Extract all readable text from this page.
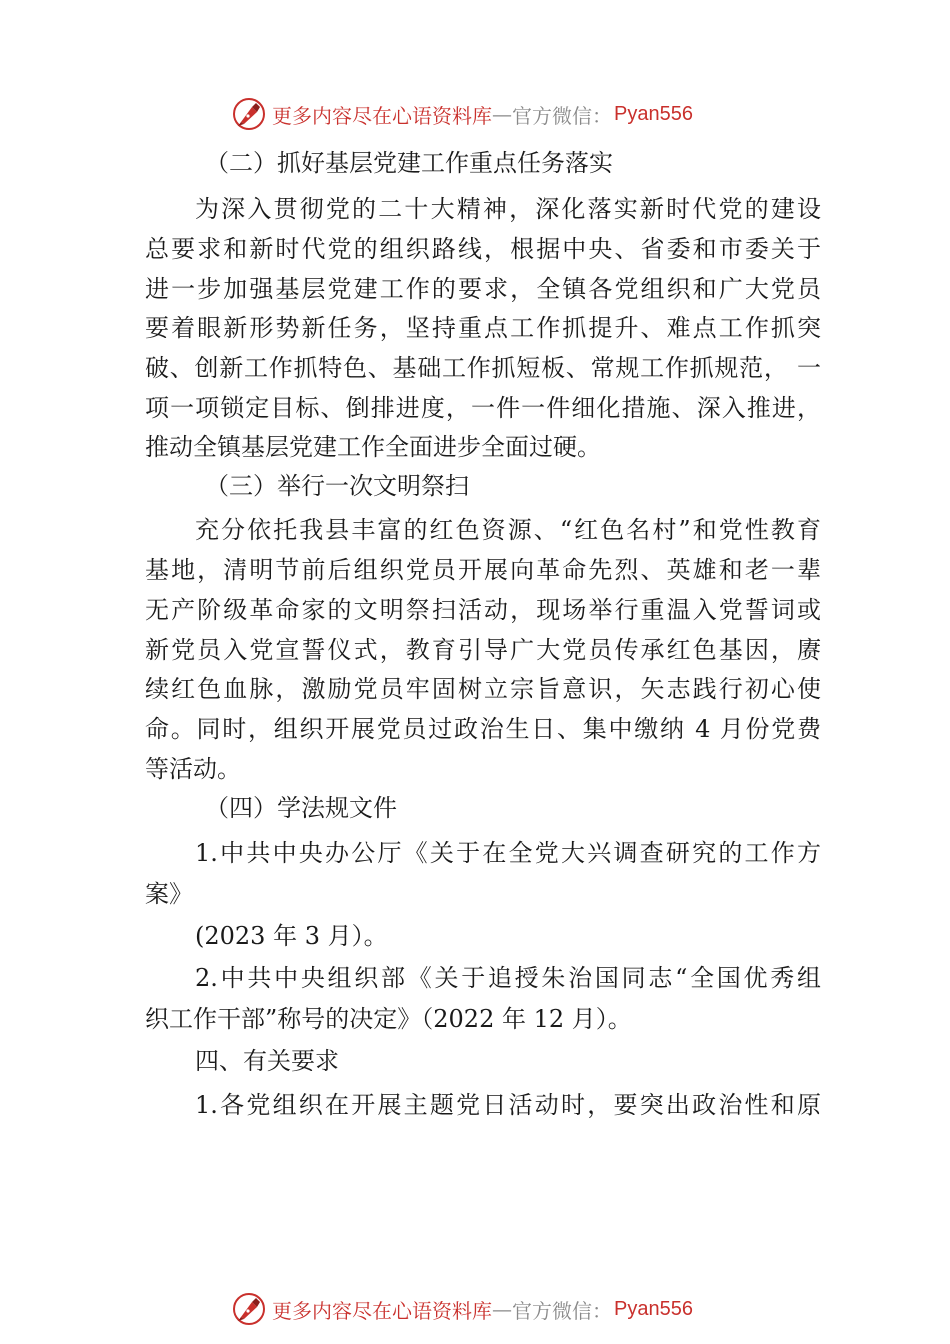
更多内容尽在心语资料库 — 官方微信： Pyan556
（二）抓好基层党建工作重点任务落实
为深入贯彻党的二十大精神，深化落实新时代党的建设
总要求和新时代党的组织路线，根据中央、省委和市委关于
进一步加强基层党建工作的要求，全镇各党组织和广大党员
要着眼新形势新任务，坚持重点工作抓提升、难点工作抓突
破、创新工作抓特色、基础工作抓短板、常规工作抓规范， 一
项一项锁定目标、倒排进度，一件一件细化措施、深入推进，
推动全镇基层党建工作全面进步全面过硬。
（三）举行一次文明祭扫
充分依托我县丰富的红色资源、“红色名村”和党性教育
基地，清明节前后组织党员开展向革命先烈、英雄和老一辈
无产阶级革命家的文明祭扫活动，现场举行重温入党誓词或
新党员入党宣誓仪式，教育引导广大党员传承红色基因，赓
续红色血脉，激励党员牢固树立宗旨意识，矢志践行初心使
命。同时，组织开展党员过政治生日、集中缴纳 4 月份党费
等活动。
（四）学法规文件
1.中共中央办公厅《关于在全党大兴调查研究的工作方
案》
(2023 年 3 月）。
2.中共中央组织部《关于追授朱治国同志“全国优秀组
织工作干部”称号的决定》（2022 年 12 月）。
四、有关要求
1.各党组织在开展主题党日活动时，要突出政治性和原
更多内容尽在心语资料库 — 官方微信： Pyan556
